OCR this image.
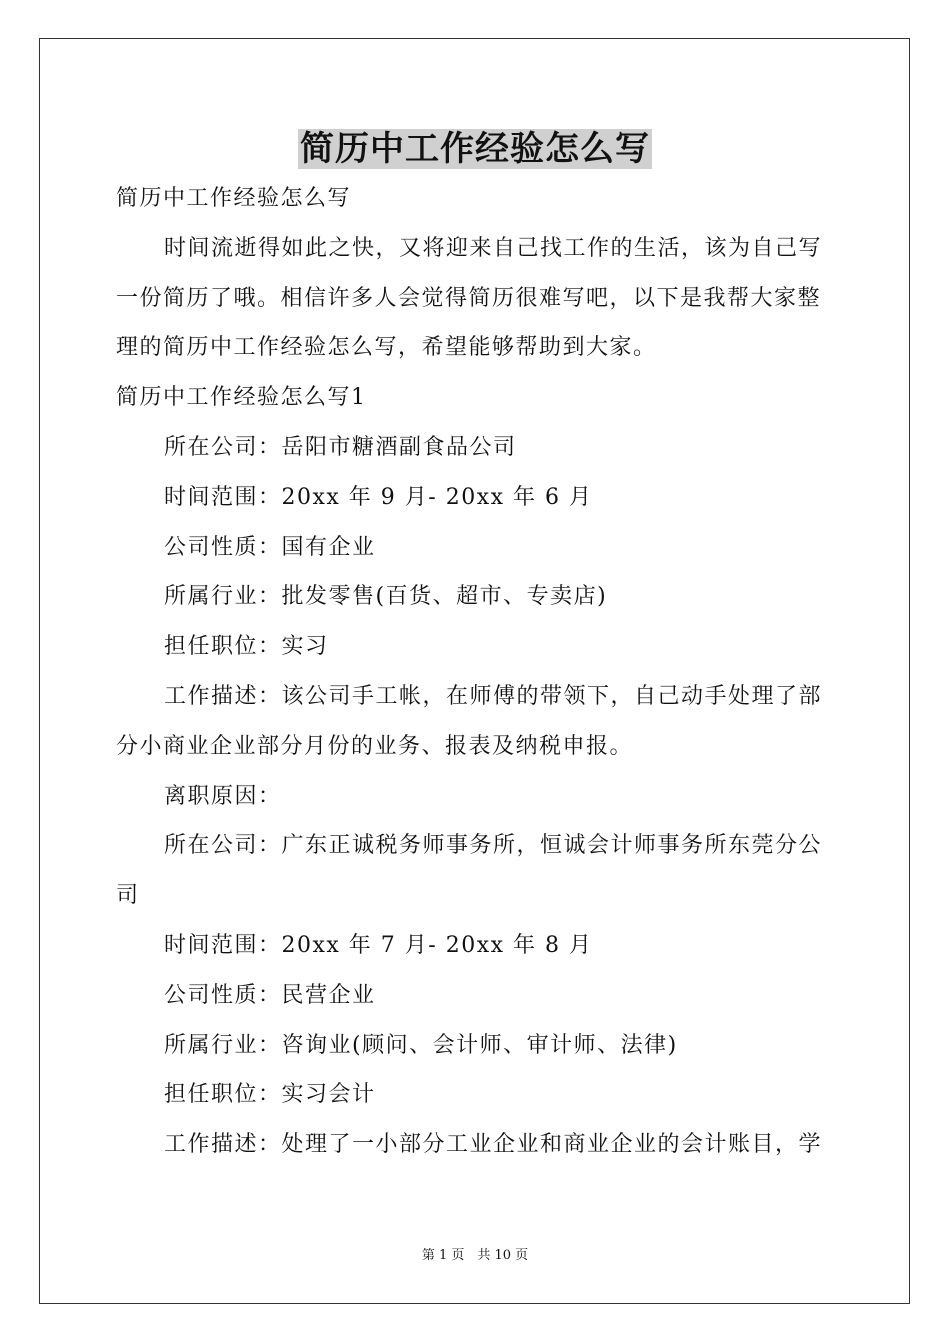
简历中工作经验怎么写
简历中工作经验怎么写
时间流逝得如此之快，又将迎来自己找工作的生活，该为自己写
一份简历了哦。相信许多人会觉得简历很难写吧，以下是我帮大家整
理的简历中工作经验怎么写，希望能够帮助到大家。
简历中工作经验怎么写1
所在公司：岳阳市糖酒副食品公司
时间范围：20xx 年 9 月- 20xx 年 6 月
公司性质：国有企业
所属行业：批发零售(百货、超市、专卖店)
担任职位：实习
工作描述：该公司手工帐，在师傅的带领下，自己动手处理了部
分小商业企业部分月份的业务、报表及纳税申报。
离职原因：
所在公司：广东正诚税务师事务所，恒诚会计师事务所东莞分公
司
时间范围：20xx 年 7 月- 20xx 年 8 月
公司性质：民营企业
所属行业：咨询业(顾问、会计师、审计师、法律)
担任职位：实习会计
工作描述：处理了一小部分工业企业和商业企业的会计账目，学
第 1 页　共 10 页
